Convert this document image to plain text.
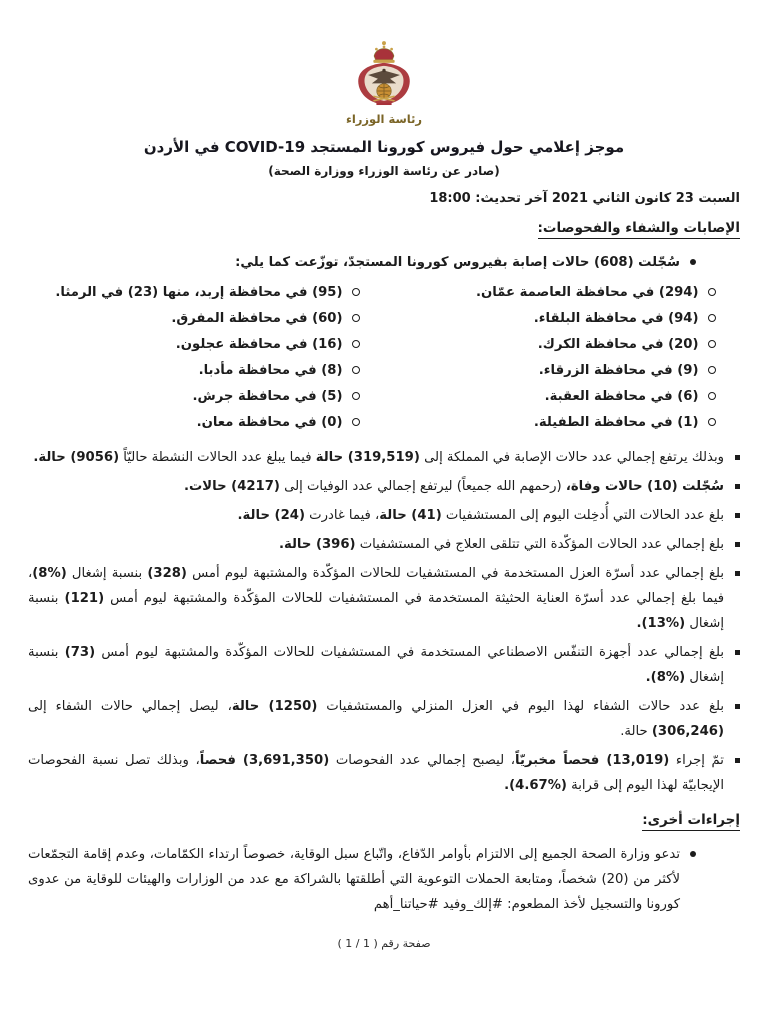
رئاسة الوزراء
موجز إعلامي حول فيروس كورونا المستجد COVID-19 في الأردن
(صادر عن رئاسة الوزراء ووزارة الصحة)
السبت 23 كانون الثاني 2021 آخر تحديث: 18:00
الإصابات والشفاء والفحوصات:
سُجّلت (608) حالات إصابة بفيروس كورونا المستجدّ، توزّعت كما يلي:
(294) في محافظة العاصمة عمّان.
(94) في محافظة البلقاء.
(20) في محافظة الكرك.
(9) في محافظة الزرقاء.
(6) في محافظة العقبة.
(1) في محافظة الطفيلة.
(95) في محافظة إربد، منها (23) في الرمثا.
(60) في محافظة المفرق.
(16) في محافظة عجلون.
(8) في محافظة مأدبا.
(5) في محافظة جرش.
(0) في محافظة معان.
وبذلك يرتفع إجمالي عدد حالات الإصابة في المملكة إلى (319,519) حالة فيما يبلغ عدد الحالات النشطة حاليّاً (9056) حالة.
سُجّلت (10) حالات وفاة، (رحمهم الله جميعاً) ليرتفع إجمالي عدد الوفيات إلى (4217) حالات.
بلغ عدد الحالات التي أُدخِلت اليوم إلى المستشفيات (41) حالة، فيما غادرت (24) حالة.
بلغ إجمالي عدد الحالات المؤكّدة التي تتلقى العلاج في المستشفيات (396) حالة.
بلغ إجمالي عدد أسرّة العزل المستخدمة في المستشفيات للحالات المؤكّدة والمشتبهة ليوم أمس (328) بنسبة إشغال (%8)، فيما بلغ إجمالي عدد أسرّة العناية الحثيثة المستخدمة في المستشفيات للحالات المؤكّدة والمشتبهة ليوم أمس (121) بنسبة إشغال (%13).
بلغ إجمالي عدد أجهزة التنفّس الاصطناعي المستخدمة في المستشفيات للحالات المؤكّدة والمشتبهة ليوم أمس (73) بنسبة إشغال (%8).
بلغ عدد حالات الشفاء لهذا اليوم في العزل المنزلي والمستشفيات (1250) حالة، ليصل إجمالي حالات الشفاء إلى (306,246) حالة.
تمّ إجراء (13,019) فحصاً مخبريّاً، ليصبح إجمالي عدد الفحوصات (3,691,350) فحصاً، وبذلك تصل نسبة الفحوصات الإيجابيّة لهذا اليوم إلى قرابة (%4.67).
إجراءات أخرى:
تدعو وزارة الصحة الجميع إلى الالتزام بأوامر الدّفاع، واتّباع سبل الوقاية، خصوصاً ارتداء الكمّامات، وعدم إقامة التجمّعات لأكثر من (20) شخصاً، ومتابعة الحملات التوعوية التي أطلقتها بالشراكة مع عدد من الوزارات والهيئات للوقاية من عدوى كورونا والتسجيل لأخذ المطعوم: #إلك_وفيد #حياتنا_أهم
صفحة رقم ( 1 / 1 )
